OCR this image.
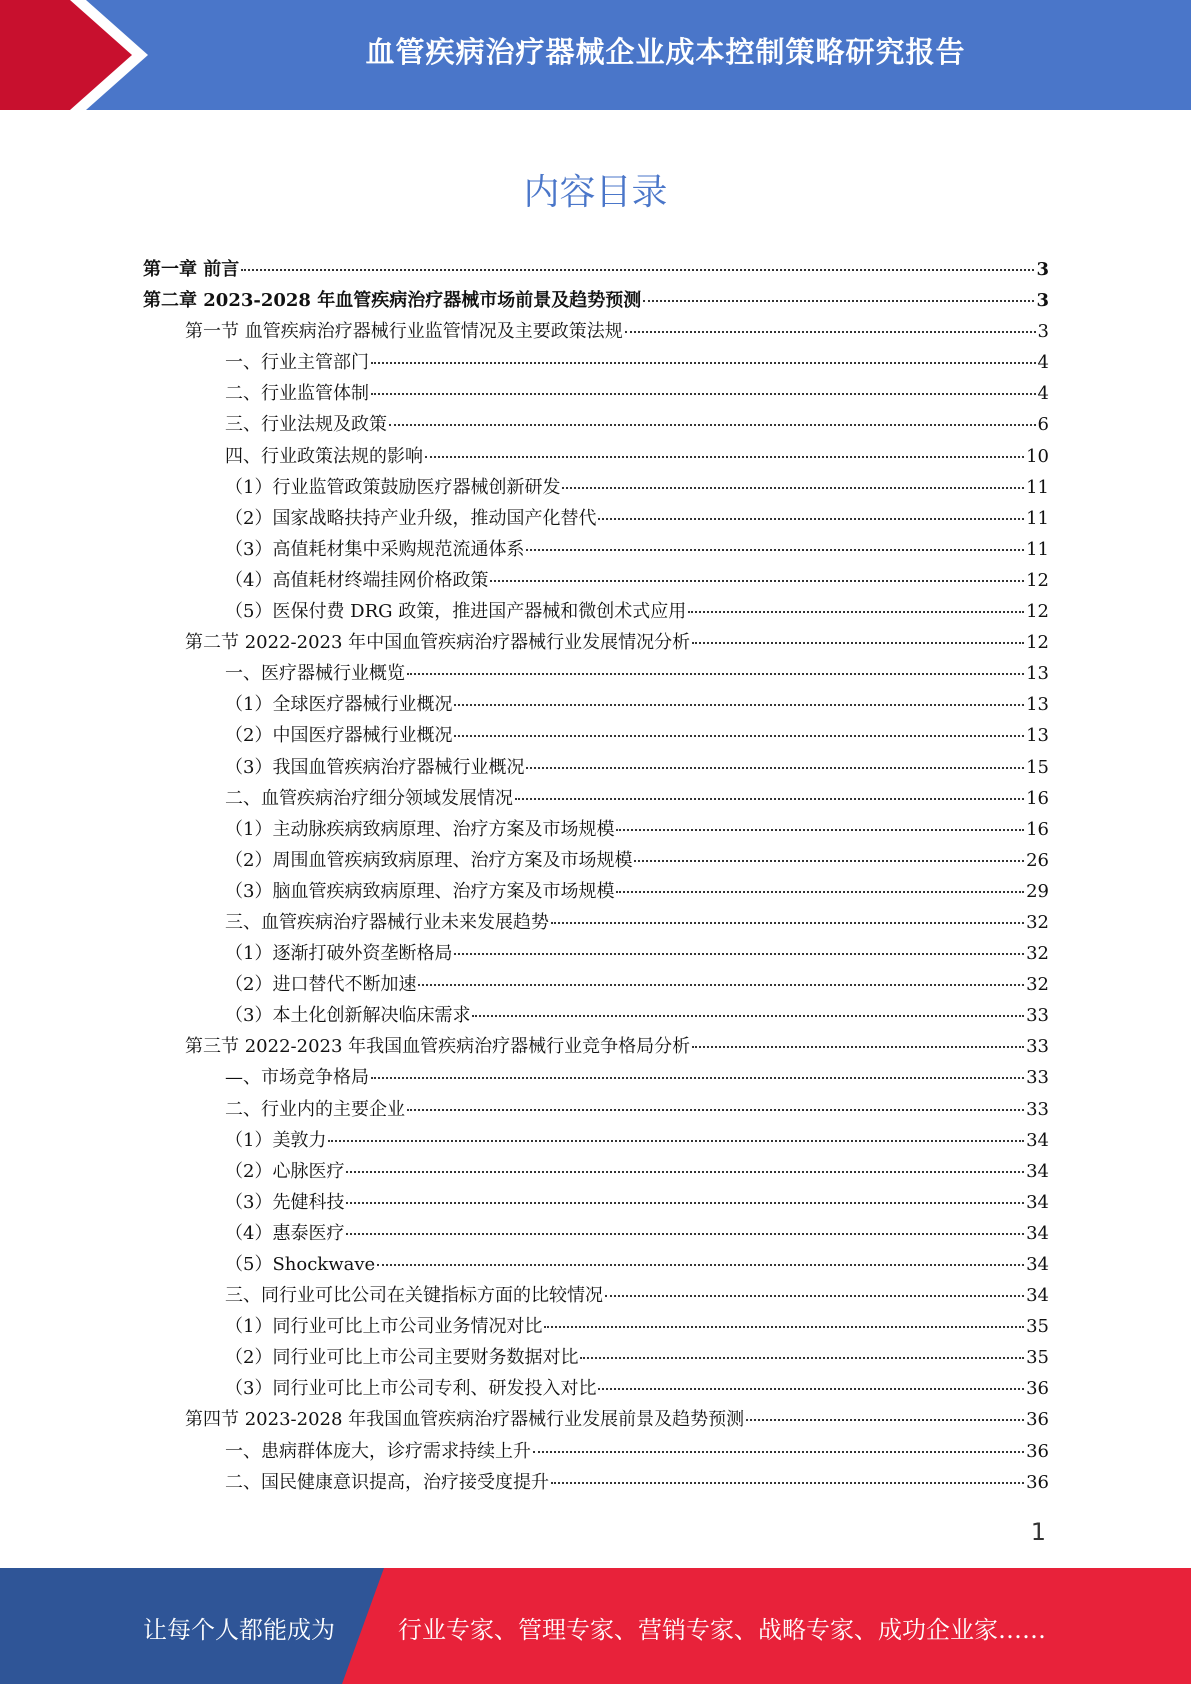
血管疾病治疗器械企业成本控制策略研究报告
内容目录
第一章 前言	3
第二章 2023-2028 年血管疾病治疗器械市场前景及趋势预测	3
第一节 血管疾病治疗器械行业监管情况及主要政策法规	3
一、行业主管部门	4
二、行业监管体制	4
三、行业法规及政策	6
四、行业政策法规的影响	10
（1）行业监管政策鼓励医疗器械创新研发	11
（2）国家战略扶持产业升级，推动国产化替代	11
（3）高值耗材集中采购规范流通体系	11
（4）高值耗材终端挂网价格政策	12
（5）医保付费 DRG 政策，推进国产器械和微创术式应用	12
第二节 2022-2023 年中国血管疾病治疗器械行业发展情况分析	12
一、医疗器械行业概览	13
（1）全球医疗器械行业概况	13
（2）中国医疗器械行业概况	13
（3）我国血管疾病治疗器械行业概况	15
二、血管疾病治疗细分领域发展情况	16
（1）主动脉疾病致病原理、治疗方案及市场规模	16
（2）周围血管疾病致病原理、治疗方案及市场规模	26
（3）脑血管疾病致病原理、治疗方案及市场规模	29
三、血管疾病治疗器械行业未来发展趋势	32
（1）逐渐打破外资垄断格局	32
（2）进口替代不断加速	32
（3）本土化创新解决临床需求	33
第三节 2022-2023 年我国血管疾病治疗器械行业竞争格局分析	33
—、市场竞争格局	33
二、行业内的主要企业	33
（1）美敦力	34
（2）心脉医疗	34
（3）先健科技	34
（4）惠泰医疗	34
（5）Shockwave	34
三、同行业可比公司在关键指标方面的比较情况	34
（1）同行业可比上市公司业务情况对比	35
（2）同行业可比上市公司主要财务数据对比	35
（3）同行业可比上市公司专利、研发投入对比	36
第四节 2023-2028 年我国血管疾病治疗器械行业发展前景及趋势预测	36
一、患病群体庞大，诊疗需求持续上升	36
二、国民健康意识提高，治疗接受度提升	36
1
让每个人都能成为	行业专家、管理专家、营销专家、战略专家、成功企业家……
